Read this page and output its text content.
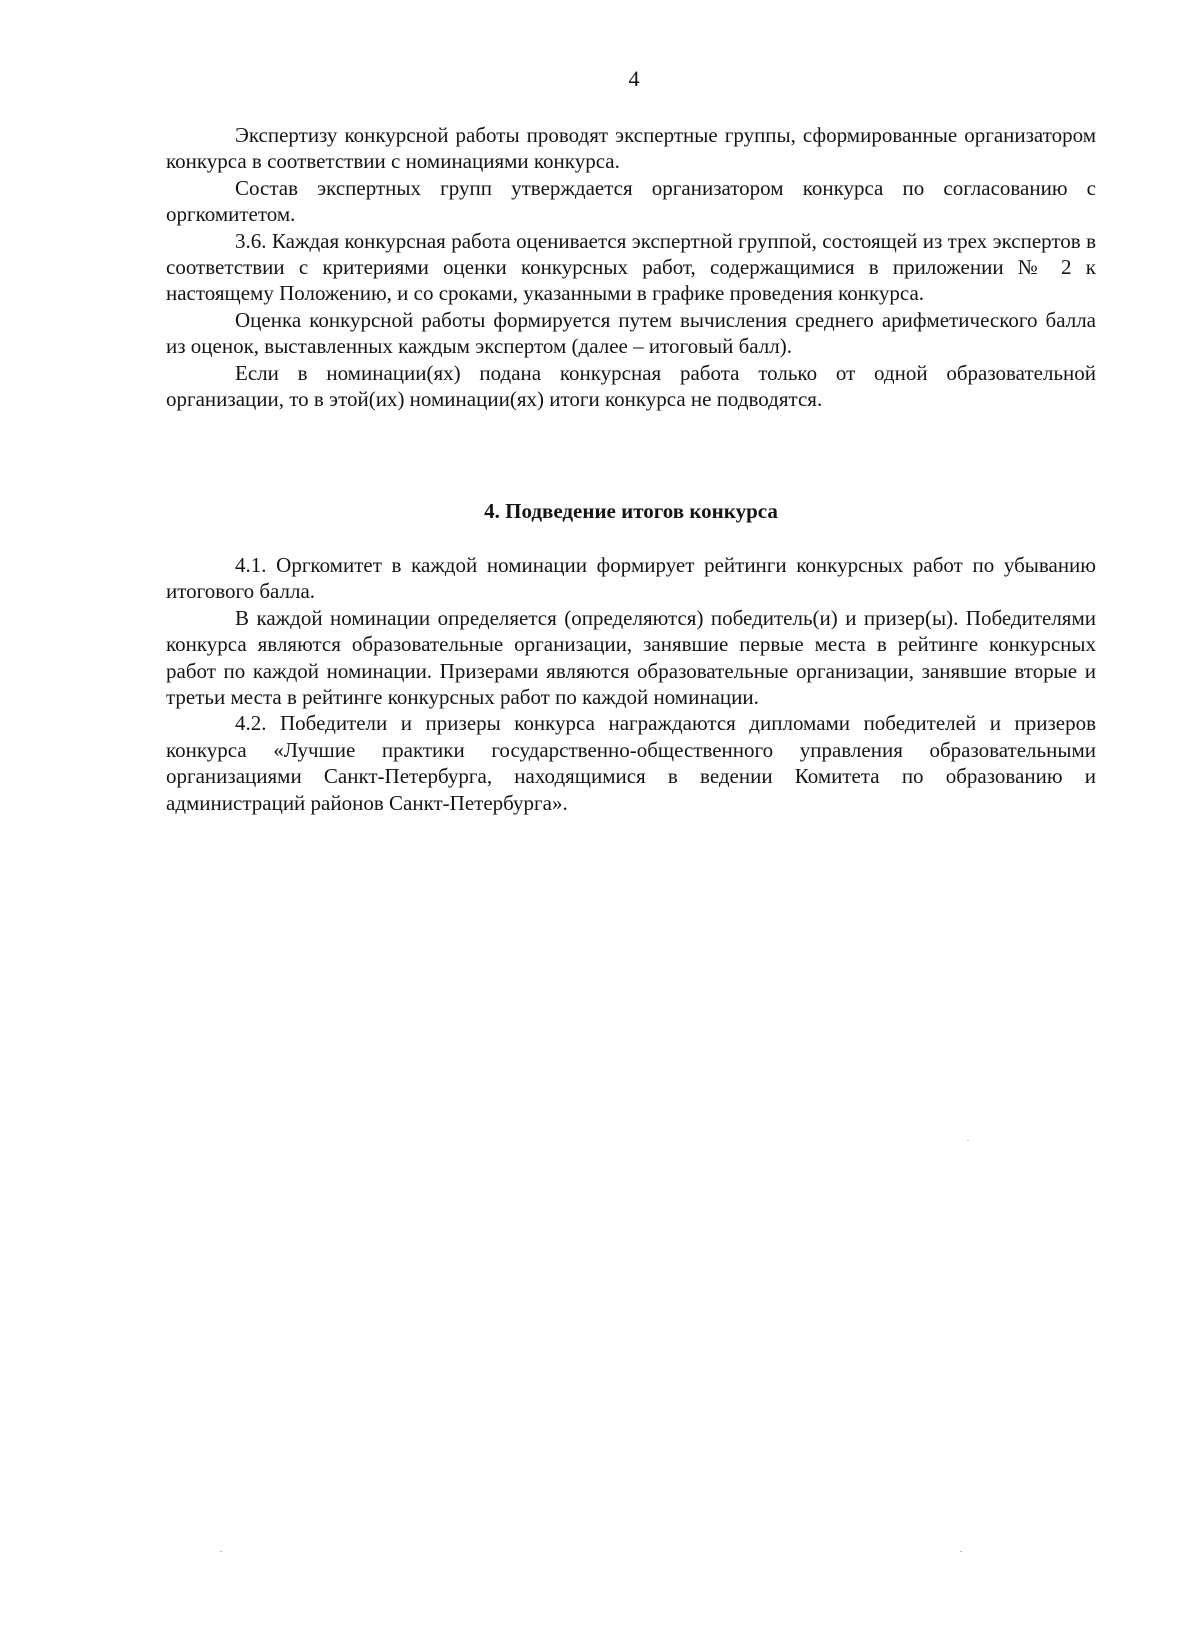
4

Экспертизу конкурсной работы проводят экспертные группы, сформированные организатором конкурса в соответствии с номинациями конкурса.

Состав экспертных групп утверждается организатором конкурса по согласованию с оргкомитетом.

3.6. Каждая конкурсная работа оценивается экспертной группой, состоящей из трех экспертов в соответствии с критериями оценки конкурсных работ, содержащимися в приложении № 2 к настоящему Положению, и со сроками, указанными в графике проведения конкурса.

Оценка конкурсной работы формируется путем вычисления среднего арифметического балла из оценок, выставленных каждым экспертом (далее – итоговый балл).

Если в номинации(ях) подана конкурсная работа только от одной образовательной организации, то в этой(их) номинации(ях) итоги конкурса не подводятся.

4. Подведение итогов конкурса

4.1. Оргкомитет в каждой номинации формирует рейтинги конкурсных работ по убыванию итогового балла.

В каждой номинации определяется (определяются) победитель(и) и призер(ы). Победителями конкурса являются образовательные организации, занявшие первые места в рейтинге конкурсных работ по каждой номинации. Призерами являются образовательные организации, занявшие вторые и третьи места в рейтинге конкурсных работ по каждой номинации.

4.2. Победители и призеры конкурса награждаются дипломами победителей и призеров конкурса «Лучшие практики государственно-общественного управления образовательными организациями Санкт-Петербурга, находящимися в ведении Комитета по образованию и администраций районов Санкт-Петербурга».
